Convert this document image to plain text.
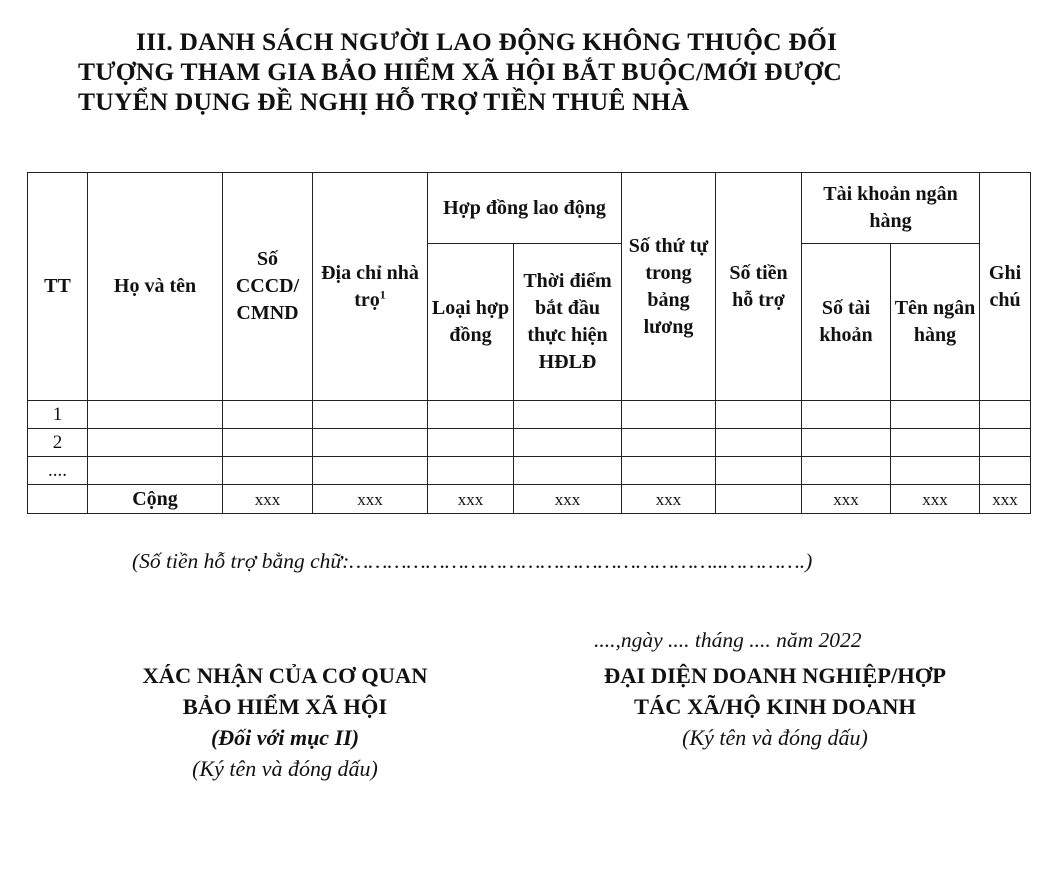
III. DANH SÁCH NGƯỜI LAO ĐỘNG KHÔNG THUỘC ĐỐI
TƯỢNG THAM GIA BẢO HIỂM XÃ HỘI BẮT BUỘC/MỚI ĐƯỢC
TUYỂN DỤNG ĐỀ NGHỊ HỖ TRỢ TIỀN THUÊ NHÀ
TT	Họ và tên	Số CCCD/ CMND	Địa chỉ nhà trọ$^1$	Hợp đồng lao động		Số thứ tự trong bảng lương	Số tiền hỗ trợ	Tài khoản ngân hàng		Ghi chú
				Loại hợp đồng	Thời điểm bắt đầu thực hiện HĐLĐ			Số tài khoản	Tên ngân hàng	
1										
2										
....										
	Cộng	xxx	xxx	xxx	xxx	xxx		xxx	xxx	xxx
(Số tiền hỗ trợ bằng chữ:…………………………………………………..………….)
....,ngày .... tháng .... năm 2022
XÁC NHẬN CỦA CƠ QUAN
BẢO HIỂM XÃ HỘI
(Đối với mục II)
(Ký tên và đóng dấu)
ĐẠI DIỆN DOANH NGHIỆP/HỢP
TÁC XÃ/HỘ KINH DOANH
(Ký tên và đóng dấu)
